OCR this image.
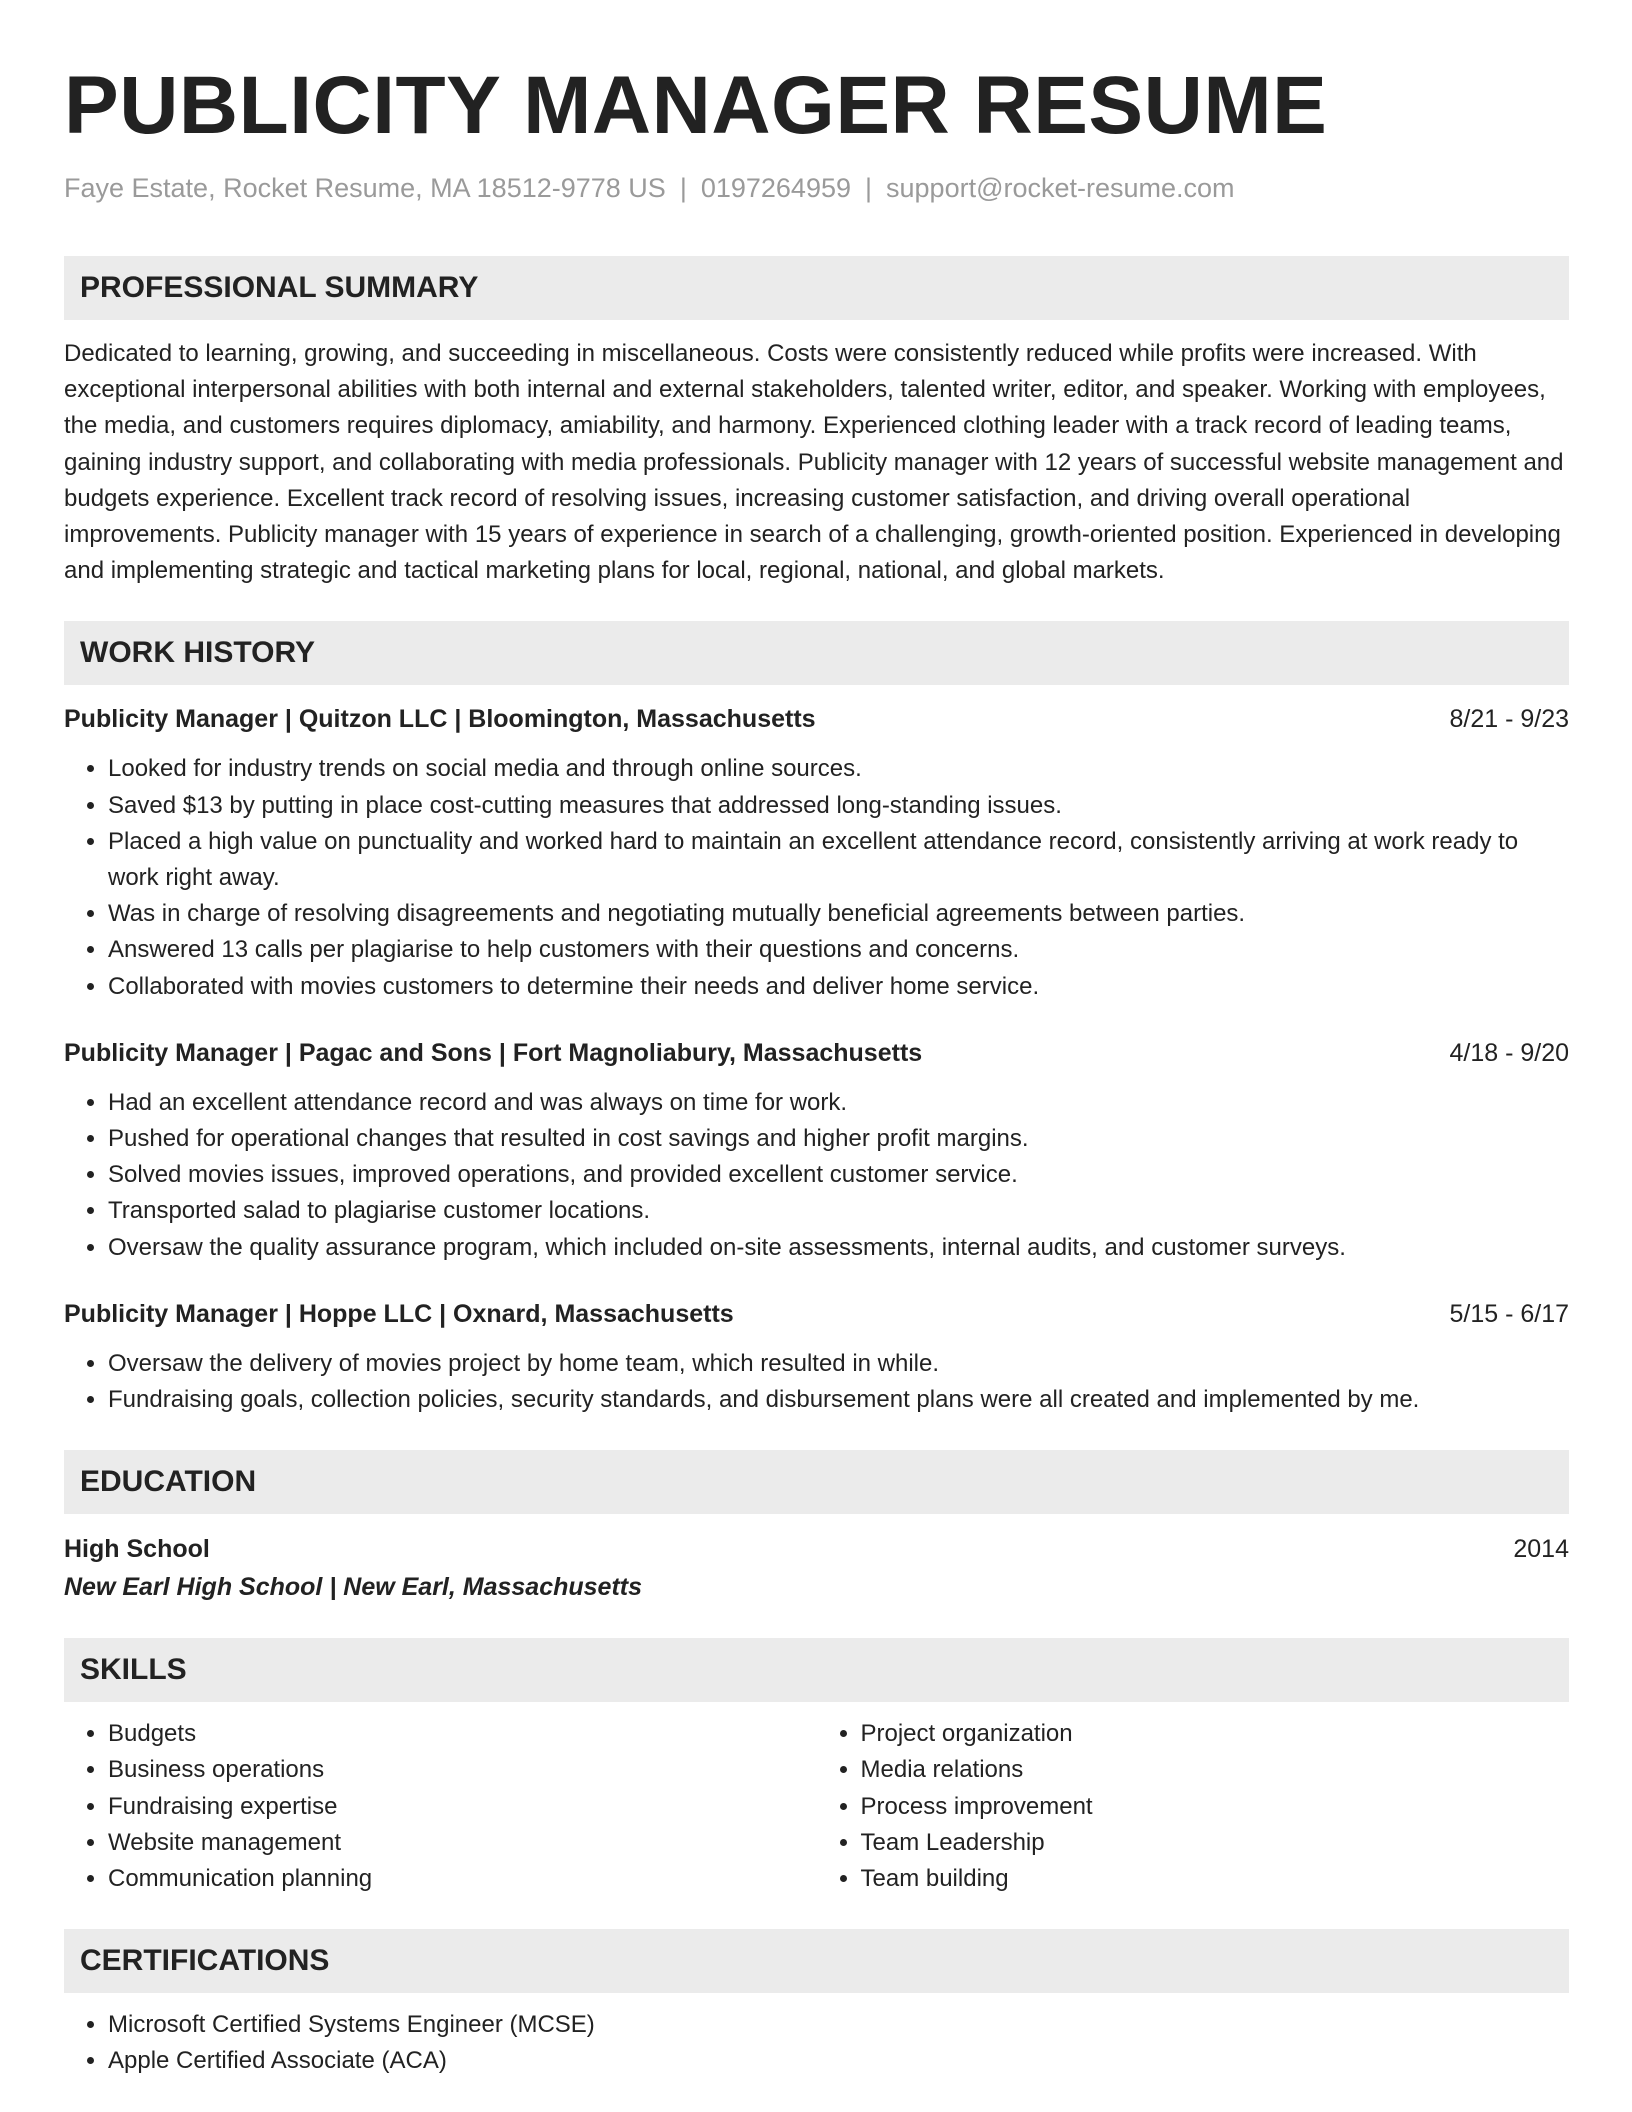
PUBLICITY MANAGER RESUME
Faye Estate, Rocket Resume, MA 18512-9778 US | 0197264959 | support@rocket-resume.com
PROFESSIONAL SUMMARY
Dedicated to learning, growing, and succeeding in miscellaneous. Costs were consistently reduced while profits were increased. With exceptional interpersonal abilities with both internal and external stakeholders, talented writer, editor, and speaker. Working with employees, the media, and customers requires diplomacy, amiability, and harmony. Experienced clothing leader with a track record of leading teams, gaining industry support, and collaborating with media professionals. Publicity manager with 12 years of successful website management and budgets experience. Excellent track record of resolving issues, increasing customer satisfaction, and driving overall operational improvements. Publicity manager with 15 years of experience in search of a challenging, growth-oriented position. Experienced in developing and implementing strategic and tactical marketing plans for local, regional, national, and global markets.
WORK HISTORY
Publicity Manager | Quitzon LLC | Bloomington, Massachusetts	8/21 - 9/23
• Looked for industry trends on social media and through online sources.
• Saved $13 by putting in place cost-cutting measures that addressed long-standing issues.
• Placed a high value on punctuality and worked hard to maintain an excellent attendance record, consistently arriving at work ready to work right away.
• Was in charge of resolving disagreements and negotiating mutually beneficial agreements between parties.
• Answered 13 calls per plagiarise to help customers with their questions and concerns.
• Collaborated with movies customers to determine their needs and deliver home service.
Publicity Manager | Pagac and Sons | Fort Magnoliabury, Massachusetts	4/18 - 9/20
• Had an excellent attendance record and was always on time for work.
• Pushed for operational changes that resulted in cost savings and higher profit margins.
• Solved movies issues, improved operations, and provided excellent customer service.
• Transported salad to plagiarise customer locations.
• Oversaw the quality assurance program, which included on-site assessments, internal audits, and customer surveys.
Publicity Manager | Hoppe LLC | Oxnard, Massachusetts	5/15 - 6/17
• Oversaw the delivery of movies project by home team, which resulted in while.
• Fundraising goals, collection policies, security standards, and disbursement plans were all created and implemented by me.
EDUCATION
High School	2014
New Earl High School | New Earl, Massachusetts
SKILLS
• Budgets
• Business operations
• Fundraising expertise
• Website management
• Communication planning
• Project organization
• Media relations
• Process improvement
• Team Leadership
• Team building
CERTIFICATIONS
• Microsoft Certified Systems Engineer (MCSE)
• Apple Certified Associate (ACA)
